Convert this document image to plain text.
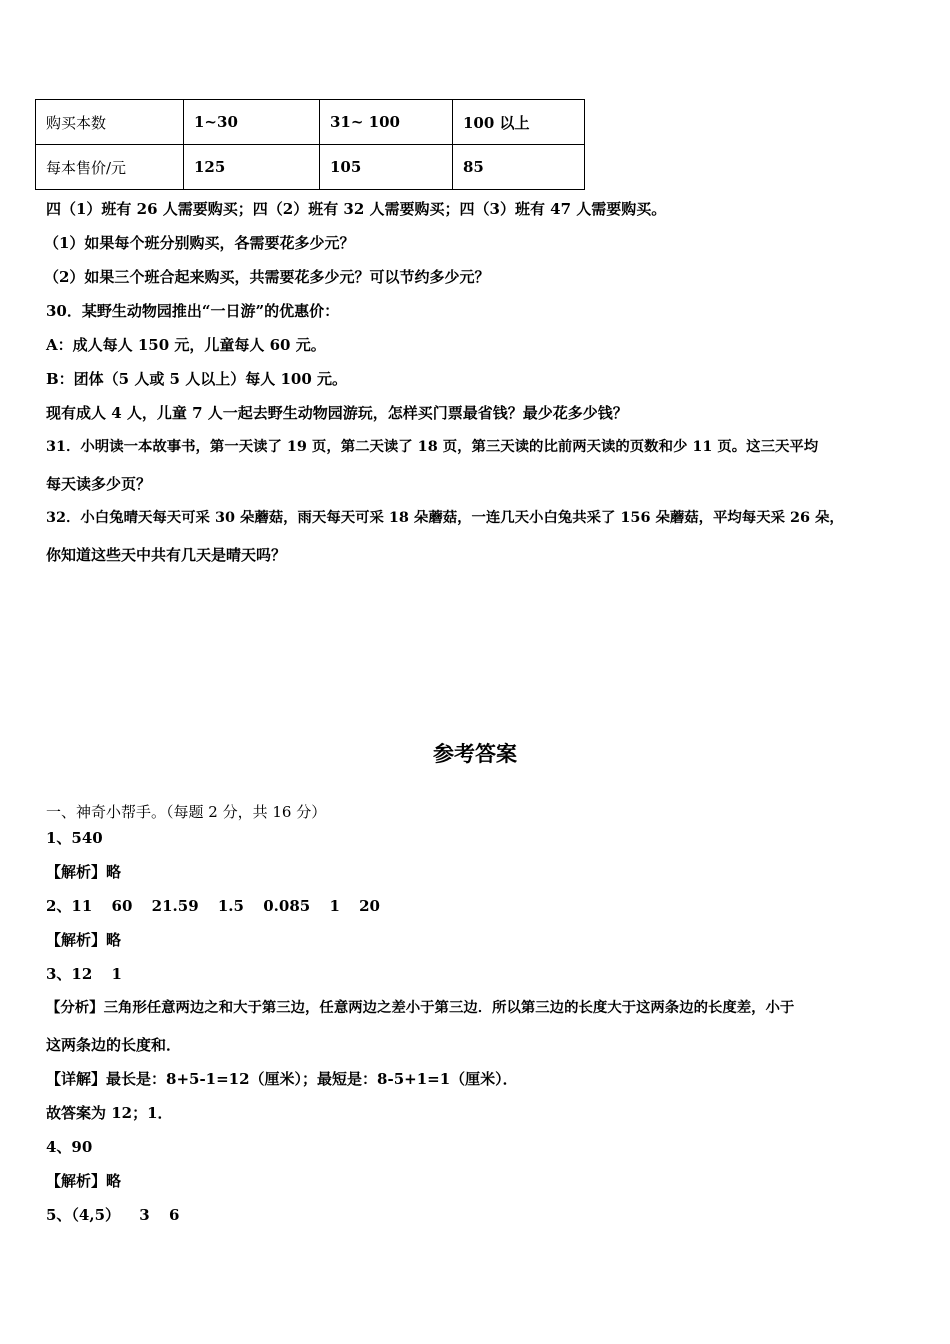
购买本数	1~30	31~ 100	100 以上
每本售价/元	125	105	85
四（1）班有 26 人需要购买；四（2）班有 32 人需要购买；四（3）班有 47 人需要购买。
（1）如果每个班分别购买，各需要花多少元？
（2）如果三个班合起来购买，共需要花多少元？可以节约多少元？
30．某野生动物园推出“一日游”的优惠价：
A：成人每人 150 元，儿童每人 60 元。
B：团体（5 人或 5 人以上）每人 100 元。
现有成人 4 人，儿童 7 人一起去野生动物园游玩，怎样买门票最省钱？最少花多少钱？
31．小明读一本故事书，第一天读了 19 页，第二天读了 18 页，第三天读的比前两天读的页数和少 11 页。这三天平均
每天读多少页？
32．小白兔晴天每天可采 30 朵蘑菇，雨天每天可采 18 朵蘑菇，一连几天小白兔共采了 156 朵蘑菇，平均每天采 26 朵，
你知道这些天中共有几天是晴天吗？
参考答案
一、神奇小帮手。（每题 2 分，共 16 分）
1、540
【解析】略
2、11 60 21.59 1.5 0.085 1 20
【解析】略
3、12 1
【分析】三角形任意两边之和大于第三边，任意两边之差小于第三边．所以第三边的长度大于这两条边的长度差，小于
这两条边的长度和．
【详解】最长是：8+5-1=12（厘米）；最短是：8-5+1=1（厘米）．
故答案为 12；1．
4、90
【解析】略
5、（4,5） 3 6
